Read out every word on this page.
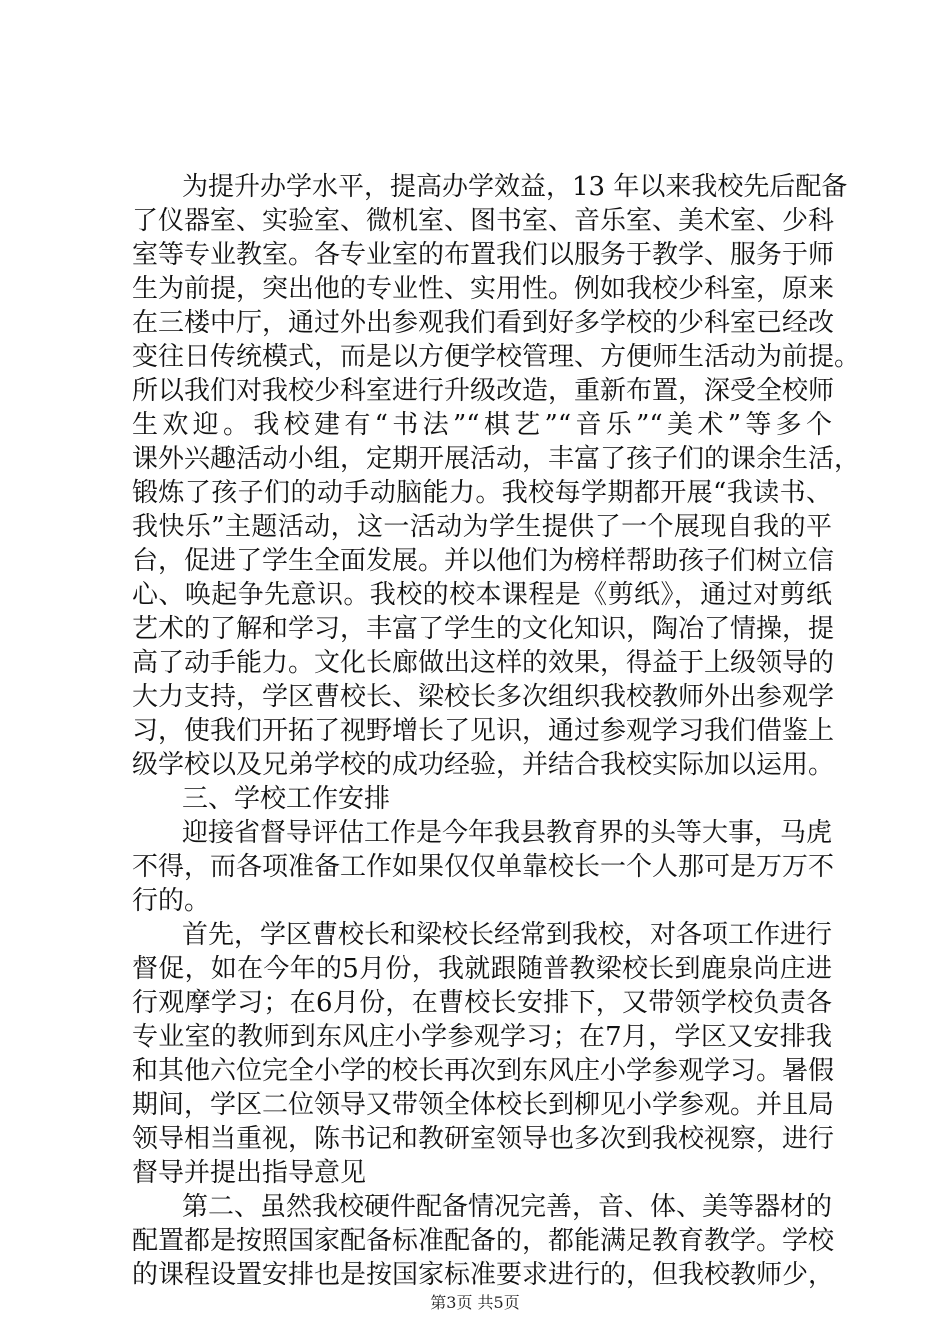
为提升办学水平，提高办学效益，13 年以来我校先后配备
了仪器室、实验室、微机室、图书室、音乐室、美术室、少科
室等专业教室。各专业室的布置我们以服务于教学、服务于师
生为前提，突出他的专业性、实用性。例如我校少科室，原来
在三楼中厅，通过外出参观我们看到好多学校的少科室已经改
变往日传统模式，而是以方便学校管理、方便师生活动为前提。
所以我们对我校少科室进行升级改造，重新布置，深受全校师
生欢迎。我校建有“书法”“棋艺”“音乐”“美术”等多个
课外兴趣活动小组，定期开展活动，丰富了孩子们的课余生活，
锻炼了孩子们的动手动脑能力。我校每学期都开展“我读书、
我快乐”主题活动，这一活动为学生提供了一个展现自我的平
台，促进了学生全面发展。并以他们为榜样帮助孩子们树立信
心、唤起争先意识。我校的校本课程是《剪纸》，通过对剪纸
艺术的了解和学习，丰富了学生的文化知识，陶冶了情操，提
高了动手能力。文化长廊做出这样的效果，得益于上级领导的
大力支持，学区曹校长、梁校长多次组织我校教师外出参观学
习，使我们开拓了视野增长了见识，通过参观学习我们借鉴上
级学校以及兄弟学校的成功经验，并结合我校实际加以运用。
三、学校工作安排
迎接省督导评估工作是今年我县教育界的头等大事，马虎
不得，而各项准备工作如果仅仅单靠校长一个人那可是万万不
行的。
首先，学区曹校长和梁校长经常到我校，对各项工作进行
督促，如在今年的5月份，我就跟随普教梁校长到鹿泉尚庄进
行观摩学习；在6月份，在曹校长安排下，又带领学校负责各
专业室的教师到东风庄小学参观学习；在7月，学区又安排我
和其他六位完全小学的校长再次到东风庄小学参观学习。暑假
期间，学区二位领导又带领全体校长到柳见小学参观。并且局
领导相当重视，陈书记和教研室领导也多次到我校视察，进行
督导并提出指导意见
第二、虽然我校硬件配备情况完善，音、体、美等器材的
配置都是按照国家配备标准配备的，都能满足教育教学。学校
的课程设置安排也是按国家标准要求进行的，但我校教师少，
第3页 共5页
